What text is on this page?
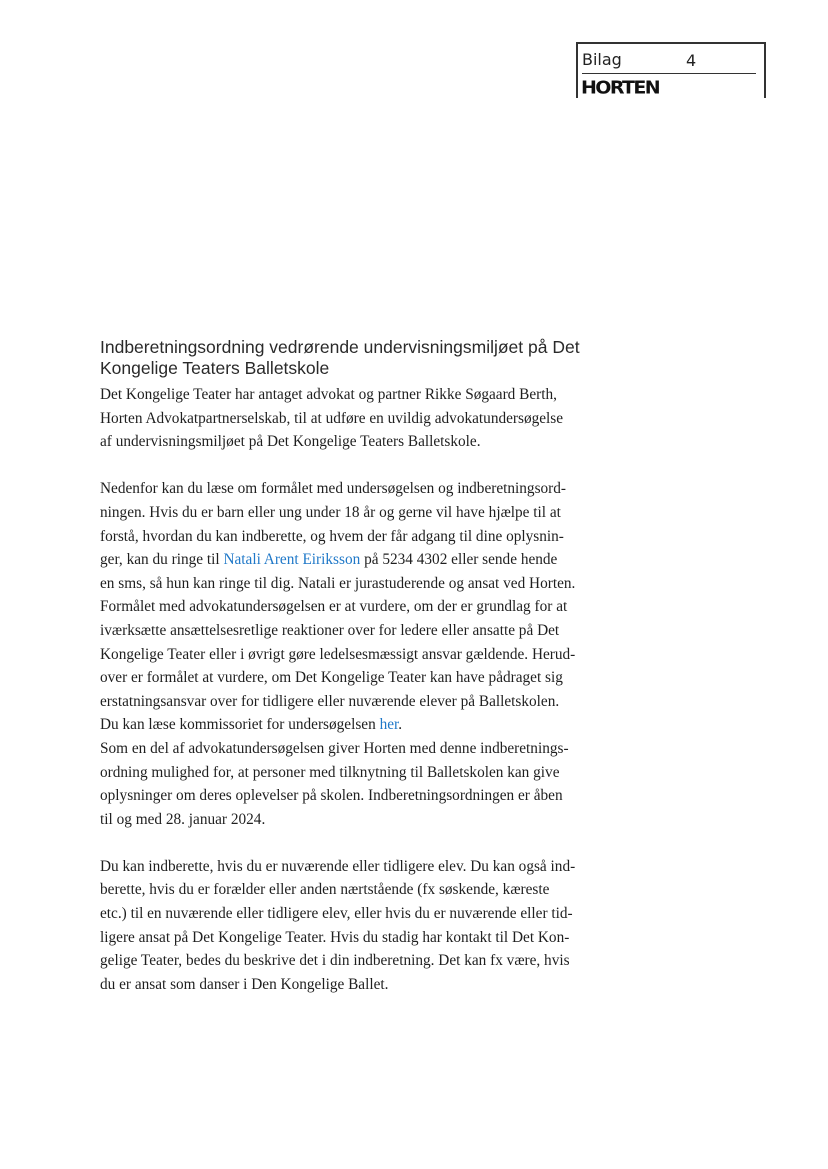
Bilag	4
HORTEN
Indberetningsordning vedrørende undervisningsmiljøet på Det
Kongelige Teaters Balletskole

Det Kongelige Teater har antaget advokat og partner Rikke Søgaard Berth,
Horten Advokatpartnerselskab, til at udføre en uvildig advokatundersøgelse
af undervisningsmiljøet på Det Kongelige Teaters Balletskole.

Nedenfor kan du læse om formålet med undersøgelsen og indberetningsord-
ningen. Hvis du er barn eller ung under 18 år og gerne vil have hjælpe til at
forstå, hvordan du kan indberette, og hvem der får adgang til dine oplysnin-
ger, kan du ringe til Natali Arent Eiriksson på 5234 4302 eller sende hende
en sms, så hun kan ringe til dig. Natali er jurastuderende og ansat ved Horten.
Formålet med advokatundersøgelsen er at vurdere, om der er grundlag for at
iværksætte ansættelsesretlige reaktioner over for ledere eller ansatte på Det
Kongelige Teater eller i øvrigt gøre ledelsesmæssigt ansvar gældende. Herud-
over er formålet at vurdere, om Det Kongelige Teater kan have pådraget sig
erstatningsansvar over for tidligere eller nuværende elever på Balletskolen.
Du kan læse kommissoriet for undersøgelsen her.
Som en del af advokatundersøgelsen giver Horten med denne indberetnings-
ordning mulighed for, at personer med tilknytning til Balletskolen kan give
oplysninger om deres oplevelser på skolen. Indberetningsordningen er åben
til og med 28. januar 2024.

Du kan indberette, hvis du er nuværende eller tidligere elev. Du kan også ind-
berette, hvis du er forælder eller anden nærtstående (fx søskende, kæreste
etc.) til en nuværende eller tidligere elev, eller hvis du er nuværende eller tid-
ligere ansat på Det Kongelige Teater. Hvis du stadig har kontakt til Det Kon-
gelige Teater, bedes du beskrive det i din indberetning. Det kan fx være, hvis
du er ansat som danser i Den Kongelige Ballet.
